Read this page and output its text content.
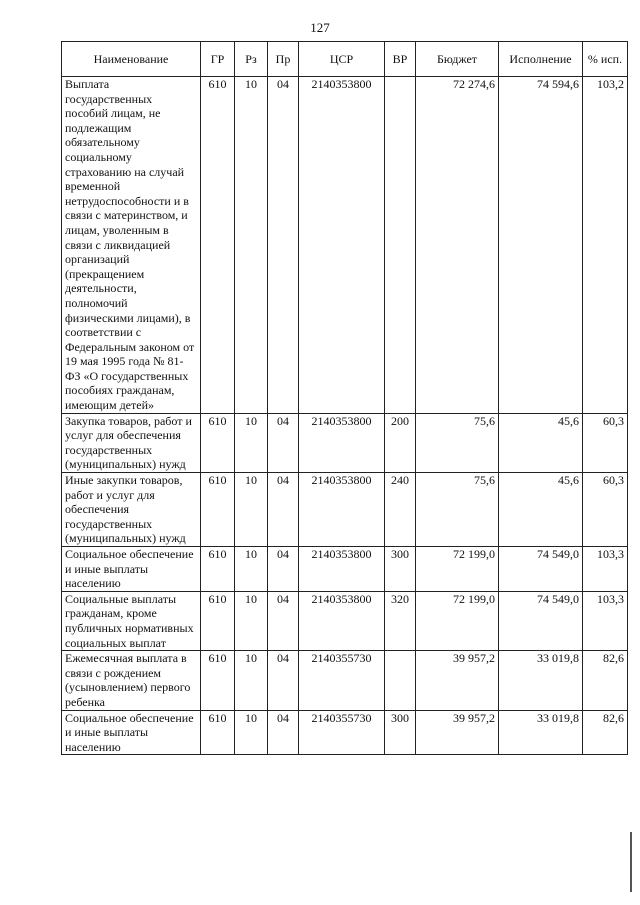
127
Наименование	ГР	Рз	Пр	ЦСР	ВР	Бюджет	Исполнение	% исп.
Выплата государственных пособий лицам, не подлежащим обязательному социальному страхованию на случай временной нетрудоспособности и в связи с материнством, и лицам, уволенным в связи с ликвидацией организаций (прекращением деятельности, полномочий физическими лицами), в соответствии с Федеральным законом от 19 мая 1995 года № 81-ФЗ «О государственных пособиях гражданам, имеющим детей»	610	10	04	2140353800		72 274,6	74 594,6	103,2
Закупка товаров, работ и услуг для обеспечения государственных (муниципальных) нужд	610	10	04	2140353800	200	75,6	45,6	60,3
Иные закупки товаров, работ и услуг для обеспечения государственных (муниципальных) нужд	610	10	04	2140353800	240	75,6	45,6	60,3
Социальное обеспечение и иные выплаты населению	610	10	04	2140353800	300	72 199,0	74 549,0	103,3
Социальные выплаты гражданам, кроме публичных нормативных социальных выплат	610	10	04	2140353800	320	72 199,0	74 549,0	103,3
Ежемесячная выплата в связи с рождением (усыновлением) первого ребенка	610	10	04	2140355730		39 957,2	33 019,8	82,6
Социальное обеспечение и иные выплаты населению	610	10	04	2140355730	300	39 957,2	33 019,8	82,6
